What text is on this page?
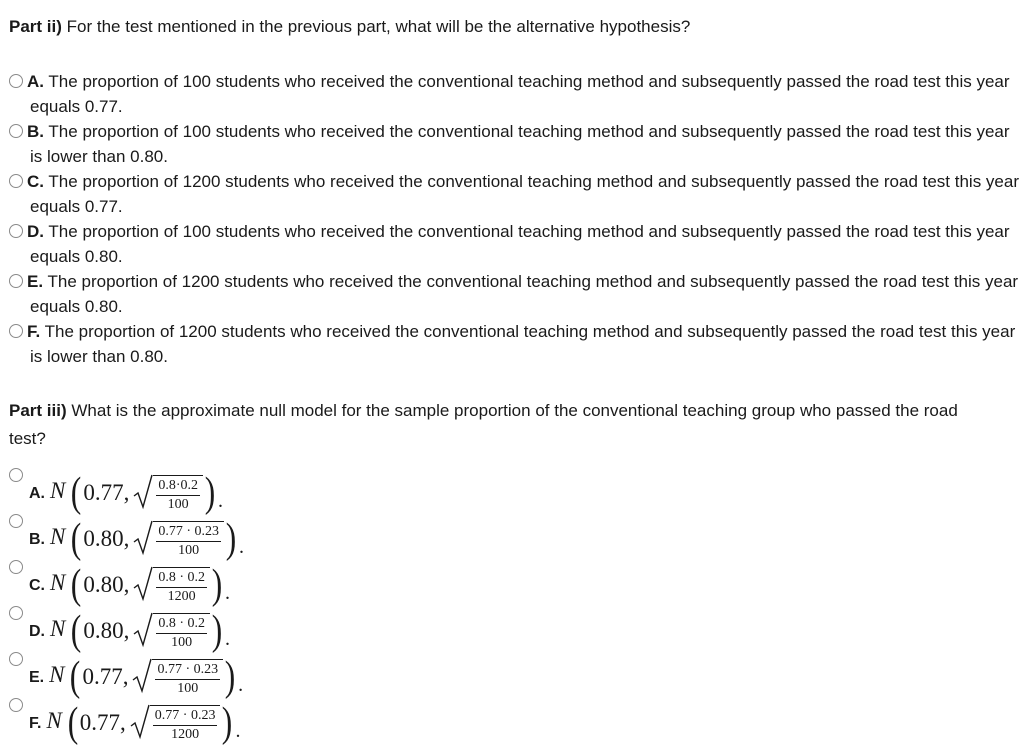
Part ii) For the test mentioned in the previous part, what will be the alternative hypothesis?

A. The proportion of 100 students who received the conventional teaching method and subsequently passed the road test this year equals 0.77.
B. The proportion of 100 students who received the conventional teaching method and subsequently passed the road test this year is lower than 0.80.
C. The proportion of 1200 students who received the conventional teaching method and subsequently passed the road test this year equals 0.77.
D. The proportion of 100 students who received the conventional teaching method and subsequently passed the road test this year equals 0.80.
E. The proportion of 1200 students who received the conventional teaching method and subsequently passed the road test this year equals 0.80.
F. The proportion of 1200 students who received the conventional teaching method and subsequently passed the road test this year is lower than 0.80.

Part iii) What is the approximate null model for the sample proportion of the conventional teaching group who passed the road test?

A. N (0.77, $\frac{0.8\cdot 0.2}{100}$ ) .
B. N (0.80, $\frac{0.77 \cdot 0.23}{100}$ ) .
C. N (0.80, $\frac{0.8 \cdot 0.2}{1200}$ ) .
D. N (0.80, $\frac{0.8 \cdot 0.2}{100}$ ) .
E. N (0.77, $\frac{0.77 \cdot 0.23}{100}$ ) .
F. N (0.77, $\frac{0.77 \cdot 0.23}{1200}$ ) .
